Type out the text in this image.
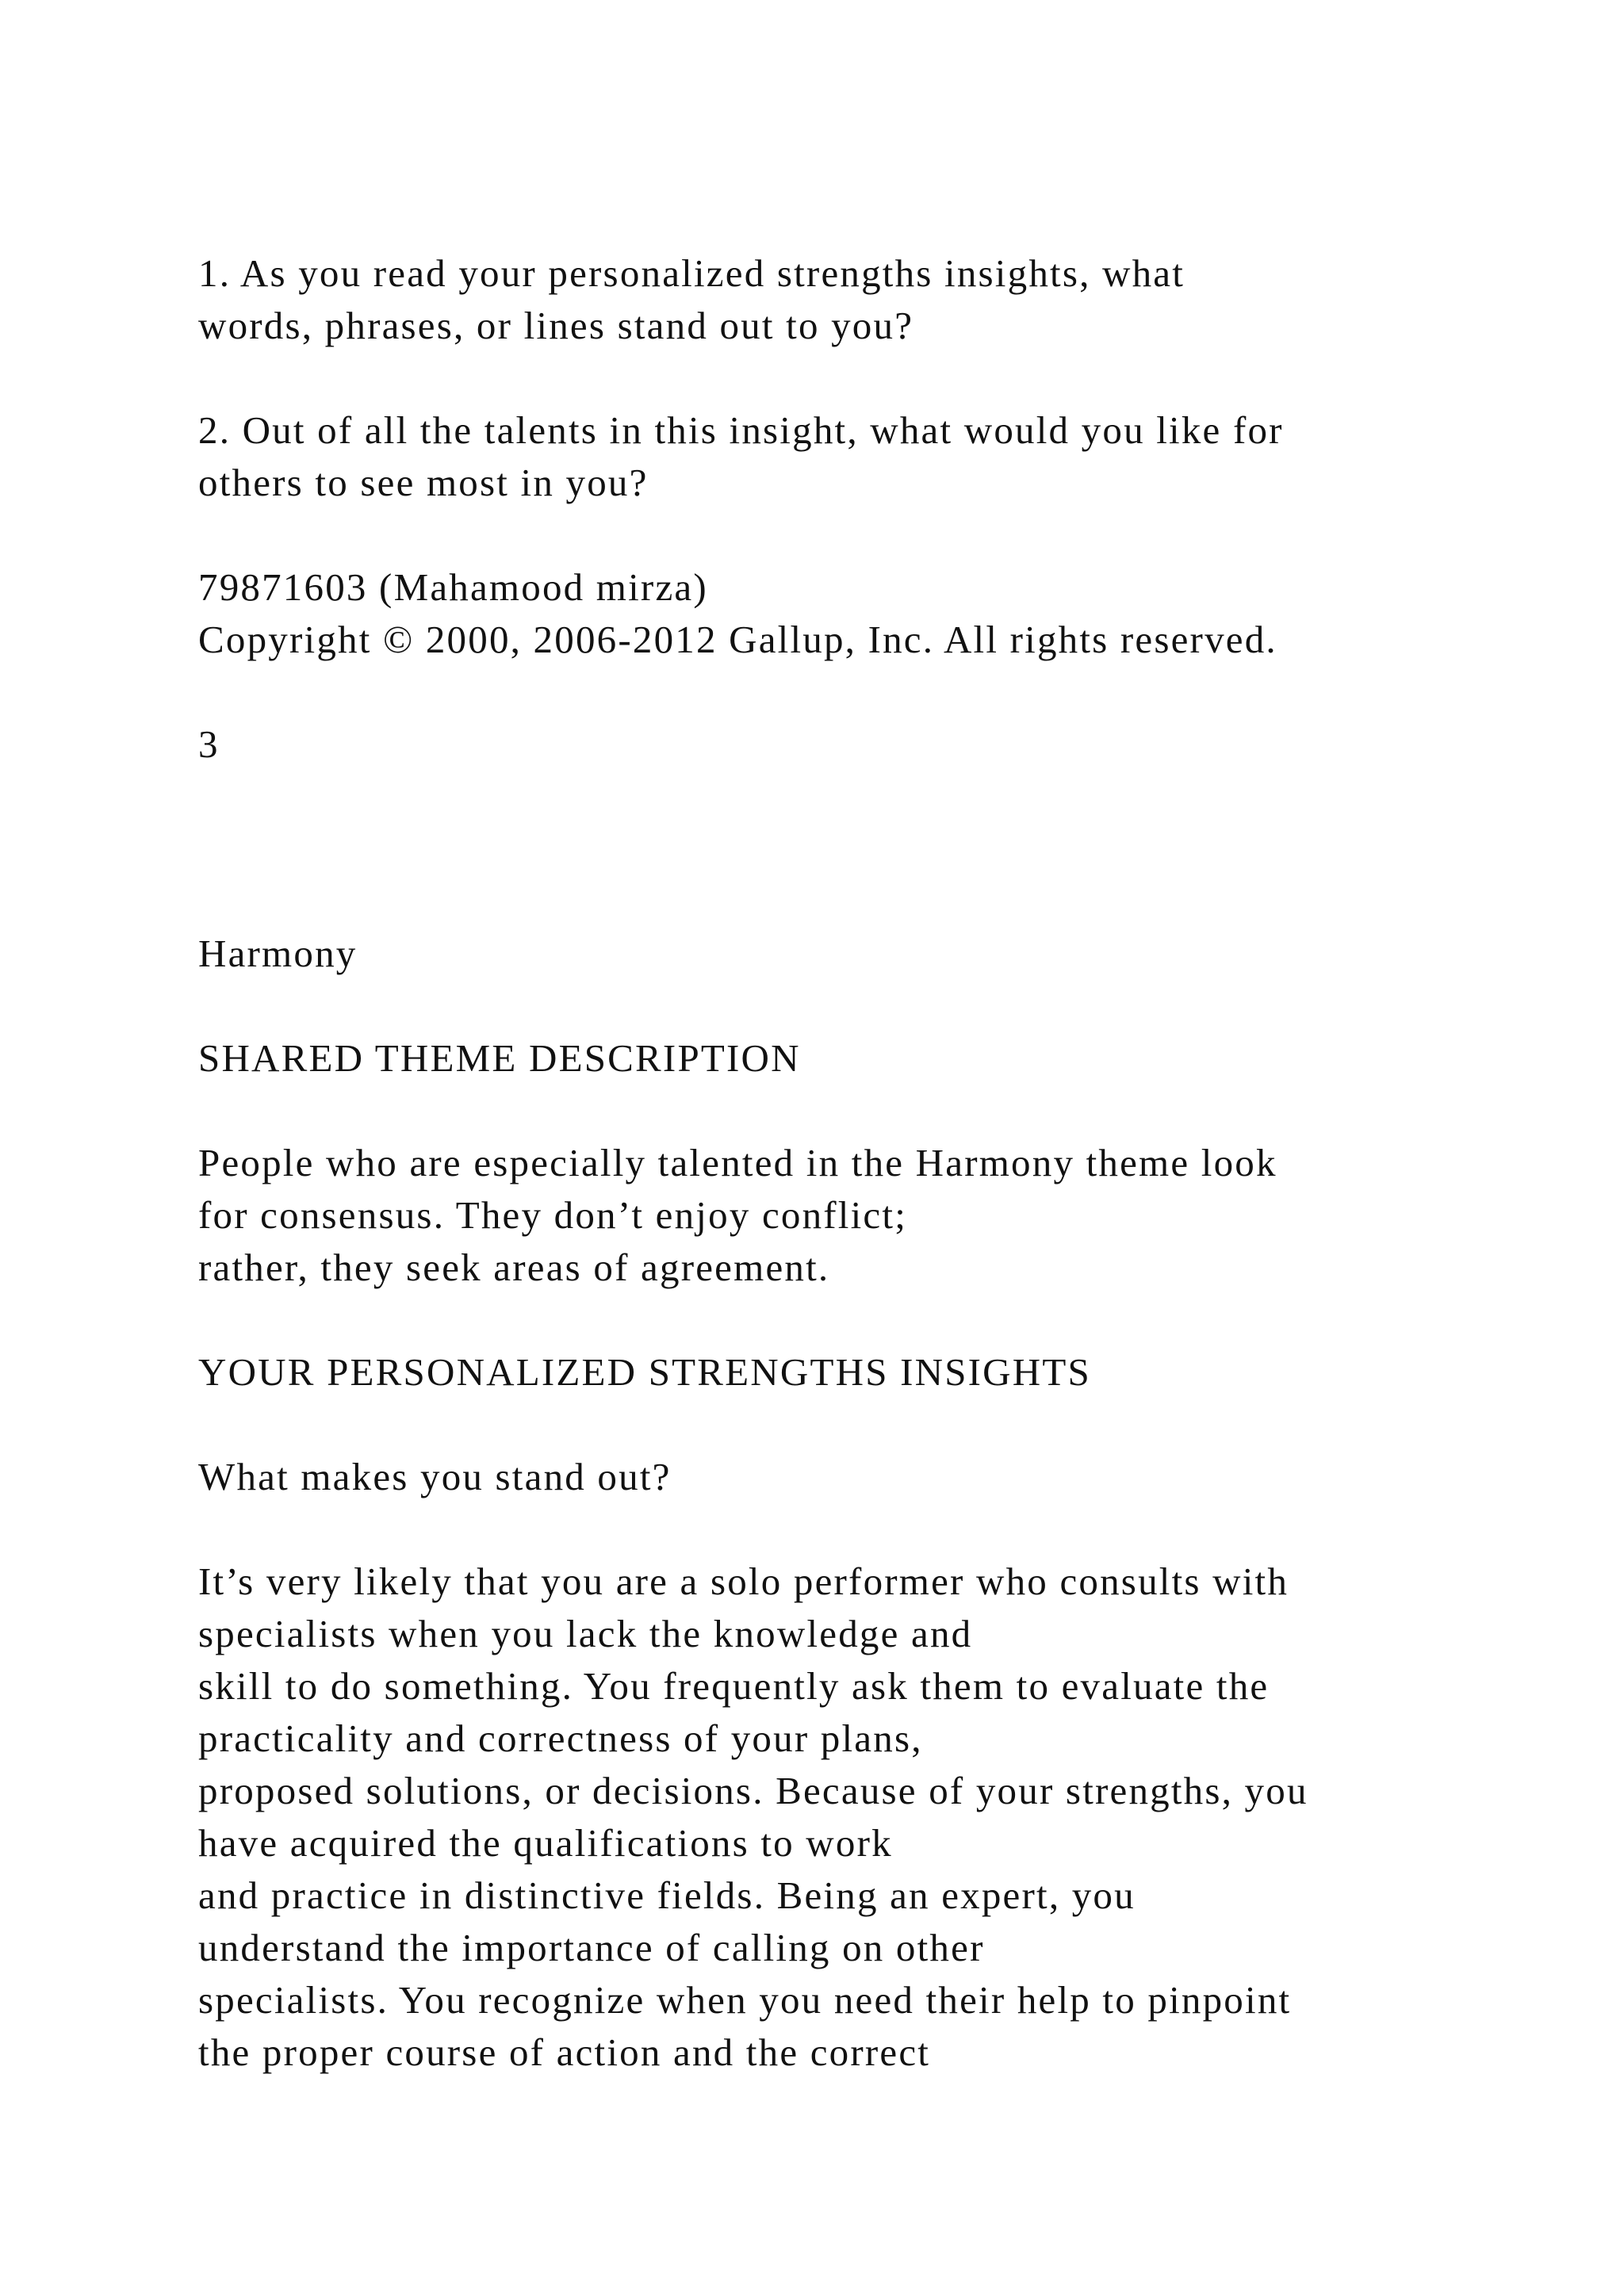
1. As you read your personalized strengths insights, what
words, phrases, or lines stand out to you?
2. Out of all the talents in this insight, what would you like for
others to see most in you?
79871603 (Mahamood mirza)
Copyright © 2000, 2006-2012 Gallup, Inc. All rights reserved.
3
Harmony
SHARED THEME DESCRIPTION
People who are especially talented in the Harmony theme look
for consensus. They don’t enjoy conflict;
rather, they seek areas of agreement.
YOUR PERSONALIZED STRENGTHS INSIGHTS
What makes you stand out?
It’s very likely that you are a solo performer who consults with
specialists when you lack the knowledge and
skill to do something. You frequently ask them to evaluate the
practicality and correctness of your plans,
proposed solutions, or decisions. Because of your strengths, you
have acquired the qualifications to work
and practice in distinctive fields. Being an expert, you
understand the importance of calling on other
specialists. You recognize when you need their help to pinpoint
the proper course of action and the correct
